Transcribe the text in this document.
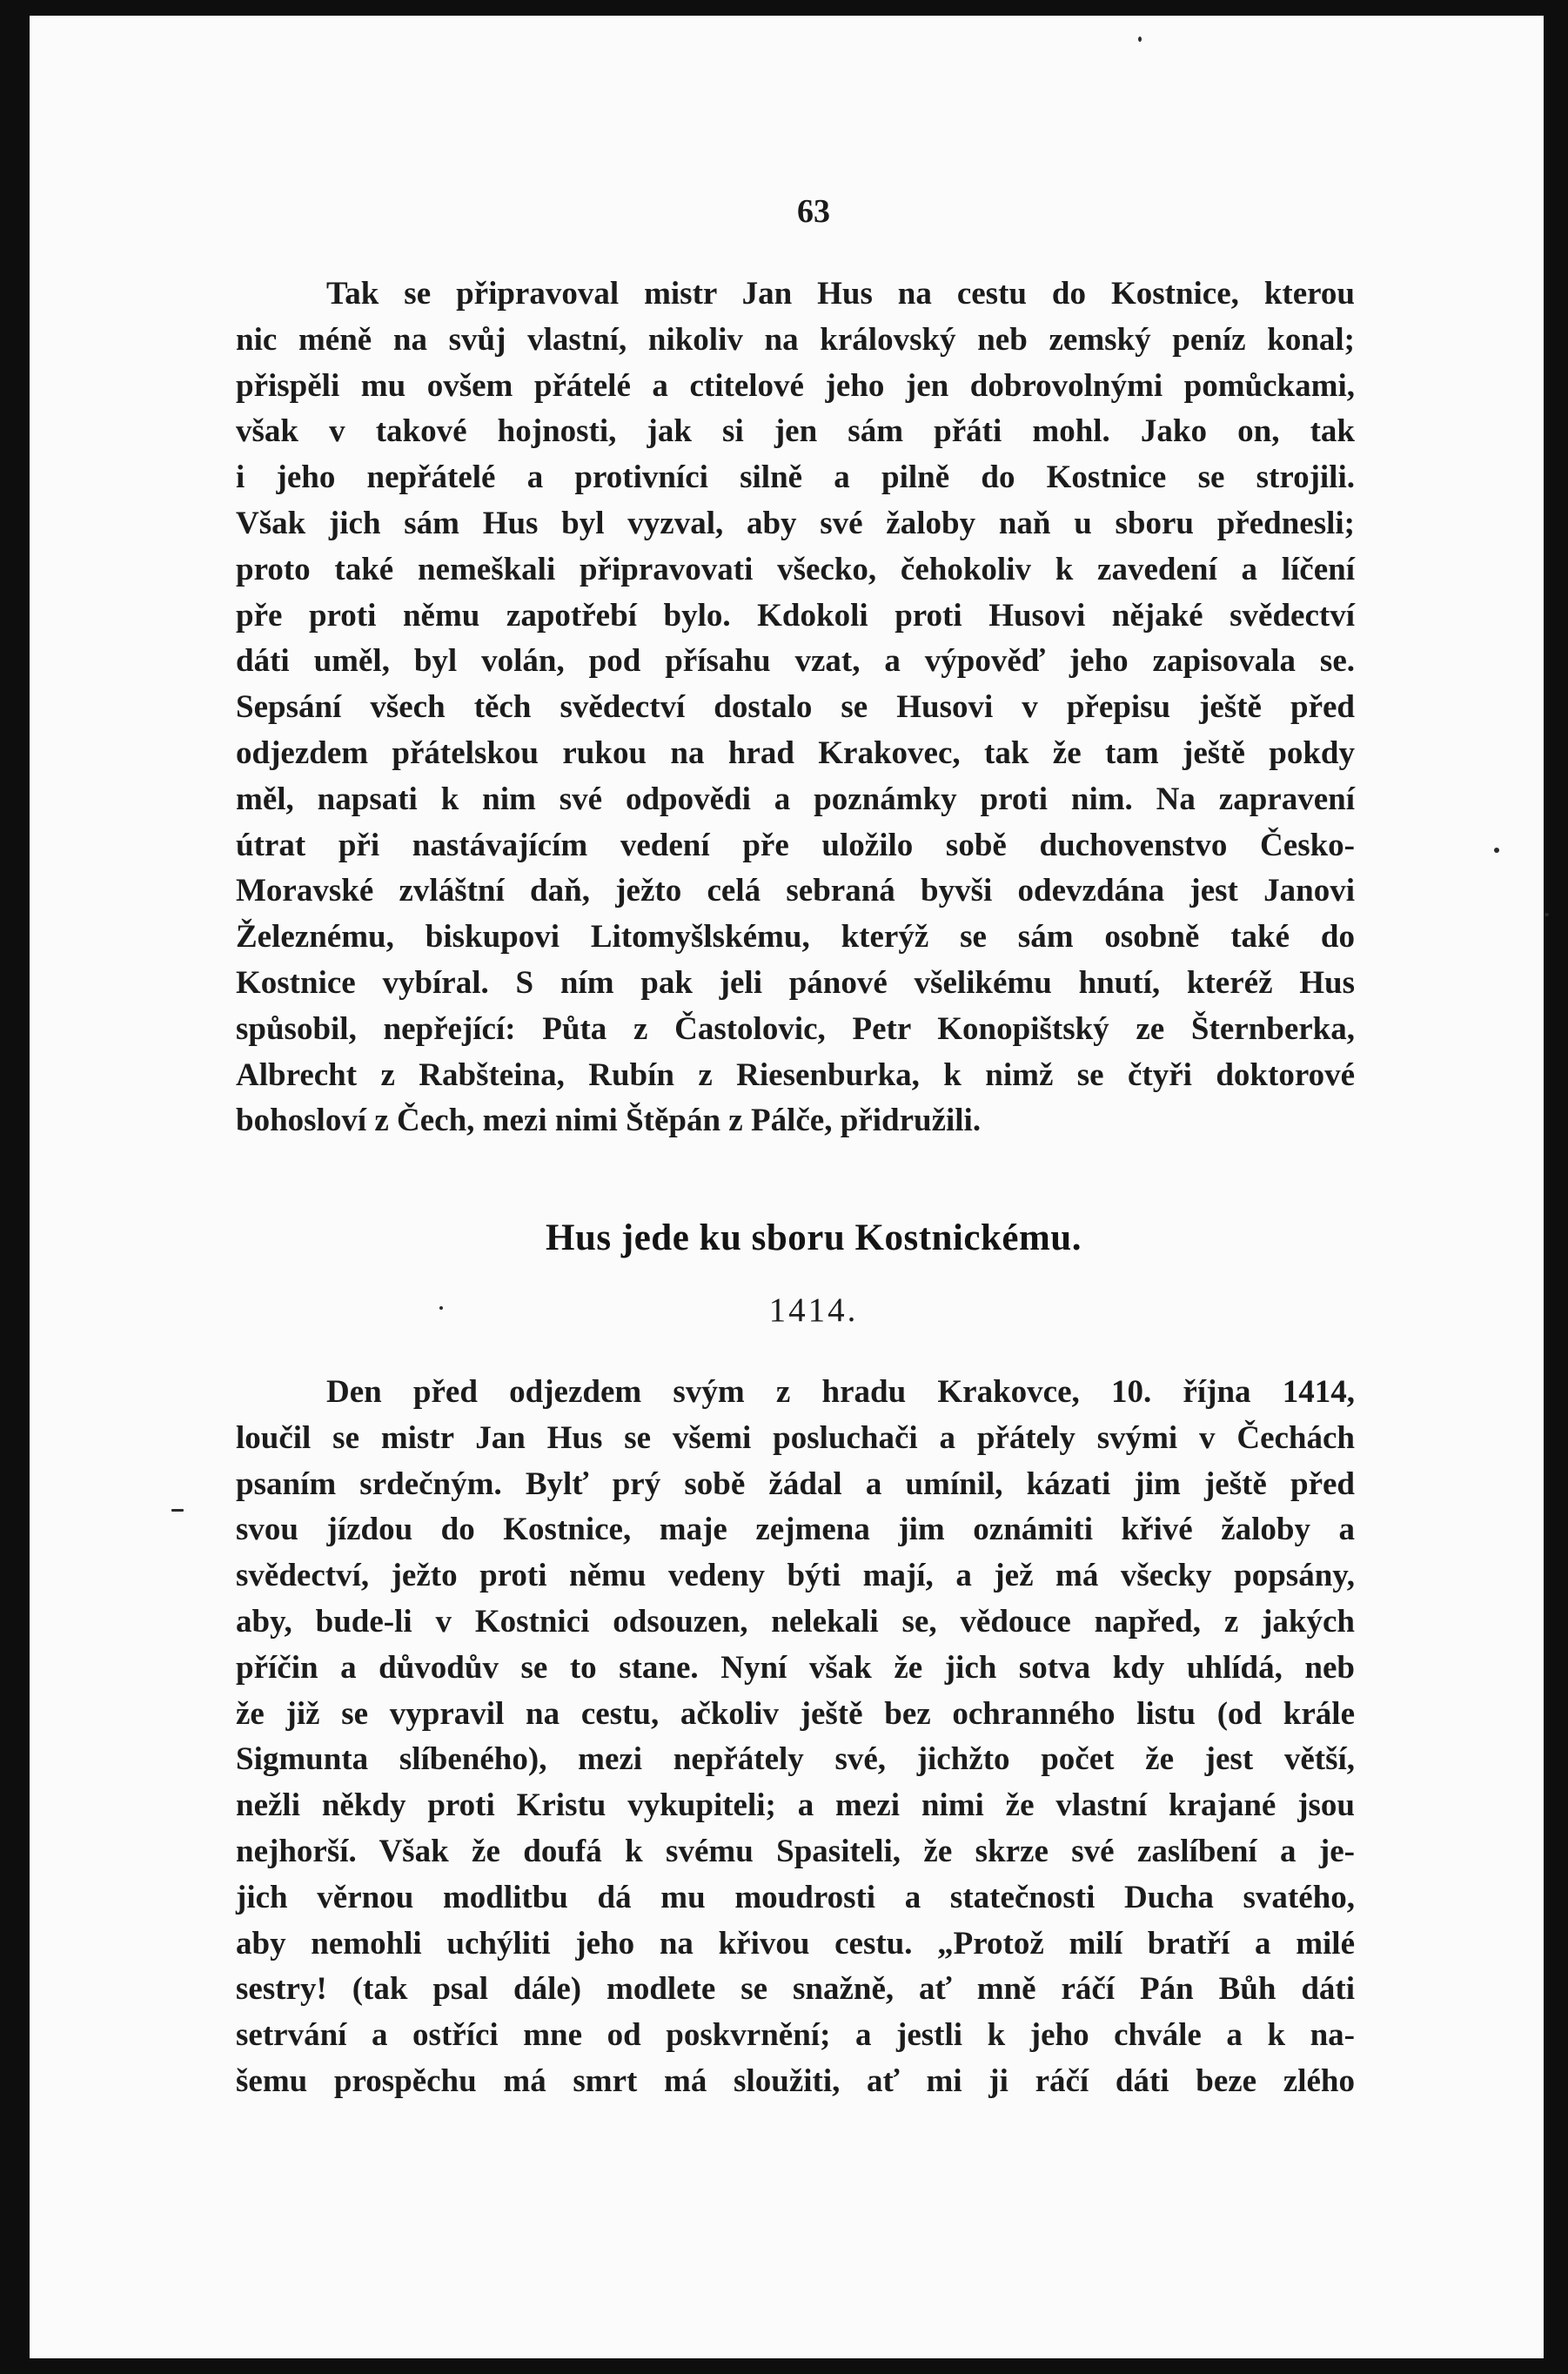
63
Tak se připravoval mistr Jan Hus na cestu do Kostnice, kterou
nic méně na svůj vlastní, nikoliv na královský neb zemský peníz konal;
přispěli mu ovšem přátelé a ctitelové jeho jen dobrovolnými pomůckami,
však v takové hojnosti, jak si jen sám přáti mohl. Jako on, tak
i jeho nepřátelé a protivníci silně a pilně do Kostnice se strojili.
Však jich sám Hus byl vyzval, aby své žaloby naň u sboru přednesli;
proto také nemeškali připravovati všecko, čehokoliv k zavedení a líčení
pře proti němu zapotřebí bylo. Kdokoli proti Husovi nějaké svědectví
dáti uměl, byl volán, pod přísahu vzat, a výpověď jeho zapisovala se.
Sepsání všech těch svědectví dostalo se Husovi v přepisu ještě před
odjezdem přátelskou rukou na hrad Krakovec, tak že tam ještě pokdy
měl, napsati k nim své odpovědi a poznámky proti nim. Na zapravení
útrat při nastávajícím vedení pře uložilo sobě duchovenstvo Česko-
Moravské zvláštní daň, ježto celá sebraná byvši odevzdána jest Janovi
Železnému, biskupovi Litomyšlskému, kterýž se sám osobně také do
Kostnice vybíral. S ním pak jeli pánové všelikému hnutí, kteréž Hus
spůsobil, nepřející: Půta z Častolovic, Petr Konopištský ze Šternberka,
Albrecht z Rabšteina, Rubín z Riesenburka, k nimž se čtyři doktorové
bohosloví z Čech, mezi nimi Štěpán z Pálče, přidružili.
Hus jede ku sboru Kostnickému.
1414.
Den před odjezdem svým z hradu Krakovce, 10. října 1414,
loučil se mistr Jan Hus se všemi posluchači a přátely svými v Čechách
psaním srdečným. Bylť prý sobě žádal a umínil, kázati jim ještě před
svou jízdou do Kostnice, maje zejmena jim oznámiti křivé žaloby a
svědectví, ježto proti němu vedeny býti mají, a jež má všecky popsány,
aby, bude-li v Kostnici odsouzen, nelekali se, vědouce napřed, z jakých
příčin a důvodův se to stane. Nyní však že jich sotva kdy uhlídá, neb
že již se vypravil na cestu, ačkoliv ještě bez ochranného listu (od krále
Sigmunta slíbeného), mezi nepřátely své, jichžto počet že jest větší,
nežli někdy proti Kristu vykupiteli; a mezi nimi že vlastní krajané jsou
nejhorší. Však že doufá k svému Spasiteli, že skrze své zaslíbení a je-
jich věrnou modlitbu dá mu moudrosti a statečnosti Ducha svatého,
aby nemohli uchýliti jeho na křivou cestu. „Protož milí bratří a milé
sestry! (tak psal dále) modlete se snažně, ať mně ráčí Pán Bůh dáti
setrvání a ostříci mne od poskvrnění; a jestli k jeho chvále a k na-
šemu prospěchu má smrt má sloužiti, ať mi ji ráčí dáti beze zlého
